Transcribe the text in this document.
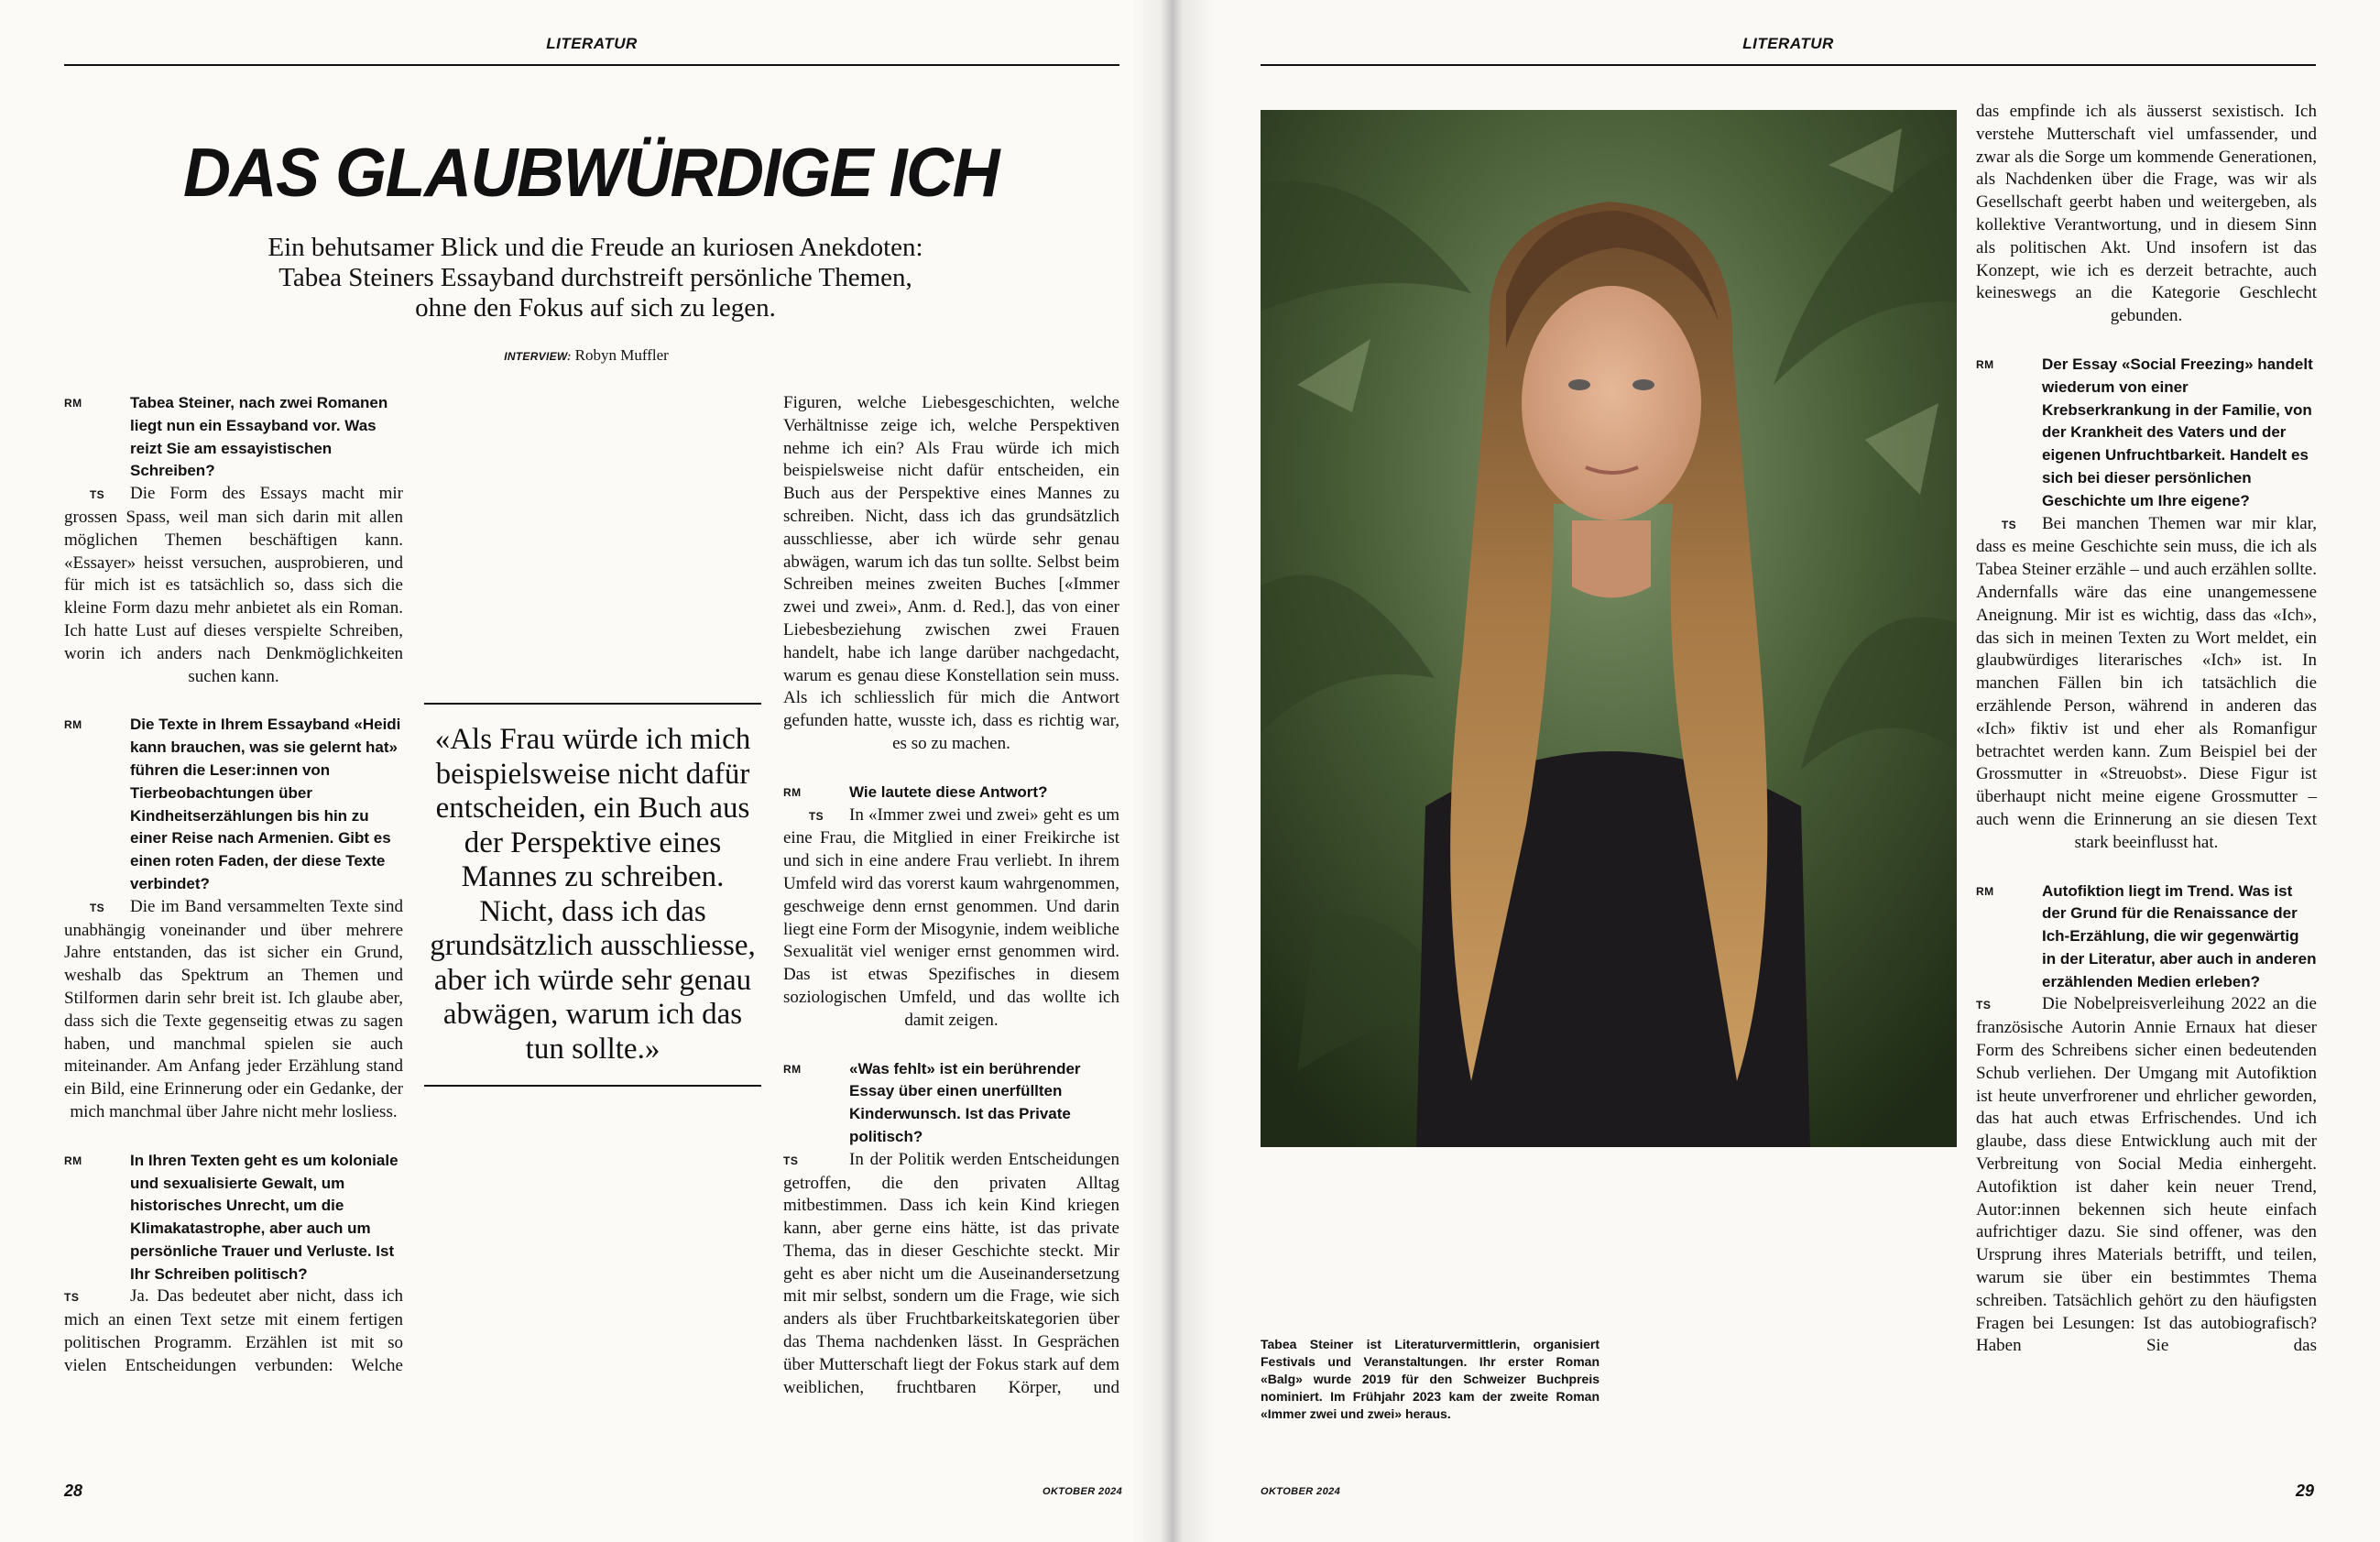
LITERATUR
DAS GLAUBWÜRDIGE ICH
Ein behutsamer Blick und die Freude an kuriosen Anekdoten:
Tabea Steiners Essayband durchstreift persönliche Themen,
ohne den Fokus auf sich zu legen.
INTERVIEW: Robyn Muffler
RM	Tabea Steiner, nach zwei Romanen liegt nun ein Essayband vor. Was reizt Sie am essayistischen Schreiben?

TS Die Form des Essays macht mir grossen Spass, weil man sich darin mit allen möglichen Themen beschäftigen kann. «Essayer» heisst versuchen, ausprobieren, und für mich ist es tatsächlich so, dass sich die kleine Form dazu mehr anbietet als ein Roman. Ich hatte Lust auf dieses verspielte Schreiben, worin ich anders nach Denkmöglichkeiten suchen kann.

RM	Die Texte in Ihrem Essayband «Heidi kann brauchen, was sie gelernt hat» führen die Leser:innen von Tierbeobachtungen über Kindheitserzählungen bis hin zu einer Reise nach Armenien. Gibt es einen roten Faden, der diese Texte verbindet?

TS Die im Band versammelten Texte sind unabhängig voneinander und über mehrere Jahre entstanden, das ist sicher ein Grund, weshalb das Spektrum an Themen und Stilformen darin sehr breit ist. Ich glaube aber, dass sich die Texte gegenseitig etwas zu sagen haben, und manchmal spielen sie auch miteinander. Am Anfang jeder Erzählung stand ein Bild, eine Erinnerung oder ein Gedanke, der mich manchmal über Jahre nicht mehr losliess.

RM	In Ihren Texten geht es um koloniale und sexualisierte Gewalt, um historisches Unrecht, um die Klimakatastrophe, aber auch um persönliche Trauer und Verluste. Ist Ihr Schreiben politisch?

TS	Ja. Das bedeutet aber nicht, dass ich mich an einen Text setze mit einem fertigen politischen Programm. Erzählen ist mit so vielen Entscheidungen verbunden: Welche

«Als Frau würde ich mich beispielsweise nicht dafür entscheiden, ein Buch aus der Perspektive eines Mannes zu schreiben. Nicht, dass ich das grundsätzlich ausschliesse, aber ich würde sehr genau abwägen, warum ich das tun sollte.»

Figuren, welche Liebesgeschichten, welche Verhältnisse zeige ich, welche Perspektiven nehme ich ein? Als Frau würde ich mich beispielsweise nicht dafür entscheiden, ein Buch aus der Perspektive eines Mannes zu schreiben. Nicht, dass ich das grundsätzlich ausschliesse, aber ich würde sehr genau abwägen, warum ich das tun sollte. Selbst beim Schreiben meines zweiten Buches [«Immer zwei und zwei», Anm. d. Red.], das von einer Liebesbeziehung zwischen zwei Frauen handelt, habe ich lange darüber nachgedacht, warum es genau diese Konstellation sein muss. Als ich schliesslich für mich die Antwort gefunden hatte, wusste ich, dass es richtig war, es so zu machen.

RM	Wie lautete diese Antwort?

TS In «Immer zwei und zwei» geht es um eine Frau, die Mitglied in einer Freikirche ist und sich in eine andere Frau verliebt. In ihrem Umfeld wird das vorerst kaum wahrgenommen, geschweige denn ernst genommen. Und darin liegt eine Form der Misogynie, indem weibliche Sexualität viel weniger ernst genommen wird. Das ist etwas Spezifisches in diesem soziologischen Umfeld, und das wollte ich damit zeigen.

RM	«Was fehlt» ist ein berührender Essay über einen unerfüllten Kinderwunsch. Ist das Private politisch?

TS	In der Politik werden Entscheidungen getroffen, die den privaten Alltag mitbestimmen. Dass ich kein Kind kriegen kann, aber gerne eins hätte, ist das private Thema, das in dieser Geschichte steckt. Mir geht es aber nicht um die Auseinandersetzung mit mir selbst, sondern um die Frage, wie sich anders als über Fruchtbarkeitskategorien über das Thema nachdenken lässt. In Gesprächen über Mutterschaft liegt der Fokus stark auf dem weiblichen, fruchtbaren Körper, und

28	OKTOBER 2024
LITERATUR
Tabea Steiner ist Literaturvermittlerin, organisiert Festivals und Veranstaltungen. Ihr erster Roman «Balg» wurde 2019 für den Schweizer Buchpreis nominiert. Im Frühjahr 2023 kam der zweite Roman «Immer zwei und zwei» heraus.

das empfinde ich als äusserst sexistisch. Ich verstehe Mutterschaft viel umfassender, und zwar als die Sorge um kommende Generationen, als Nachdenken über die Frage, was wir als Gesellschaft geerbt haben und weitergeben, als kollektive Verantwortung, und in diesem Sinn als politischen Akt. Und insofern ist das Konzept, wie ich es derzeit betrachte, auch keineswegs an die Kategorie Geschlecht gebunden.

RM	Der Essay «Social Freezing» handelt wiederum von einer Krebserkrankung in der Familie, von der Krankheit des Vaters und der eigenen Unfruchtbarkeit. Handelt es sich bei dieser persönlichen Geschichte um Ihre eigene?

TS Bei manchen Themen war mir klar, dass es meine Geschichte sein muss, die ich als Tabea Steiner erzähle – und auch erzählen sollte. Andernfalls wäre das eine unangemessene Aneignung. Mir ist es wichtig, dass das «Ich», das sich in meinen Texten zu Wort meldet, ein glaubwürdiges literarisches «Ich» ist. In manchen Fällen bin ich tatsächlich die erzählende Person, während in anderen das «Ich» fiktiv ist und eher als Romanfigur betrachtet werden kann. Zum Beispiel bei der Grossmutter in «Streuobst». Diese Figur ist überhaupt nicht meine eigene Grossmutter – auch wenn die Erinnerung an sie diesen Text stark beeinflusst hat.

RM	Autofiktion liegt im Trend. Was ist der Grund für die Renaissance der Ich-Erzählung, die wir gegenwärtig in der Literatur, aber auch in anderen erzählenden Medien erleben?

TS	Die Nobelpreisverleihung 2022 an die französische Autorin Annie Ernaux hat dieser Form des Schreibens sicher einen bedeutenden Schub verliehen. Der Umgang mit Autofiktion ist heute unverfrorener und ehrlicher geworden, das hat auch etwas Erfrischendes. Und ich glaube, dass diese Entwicklung auch mit der Verbreitung von Social Media einhergeht. Autofiktion ist daher kein neuer Trend, Autor:innen bekennen sich heute einfach aufrichtiger dazu. Sie sind offener, was den Ursprung ihres Materials betrifft, und teilen, warum sie über ein bestimmtes Thema schreiben. Tatsächlich gehört zu den häufigsten Fragen bei Lesungen: Ist das autobiografisch? Haben Sie das

OKTOBER 2024	29
